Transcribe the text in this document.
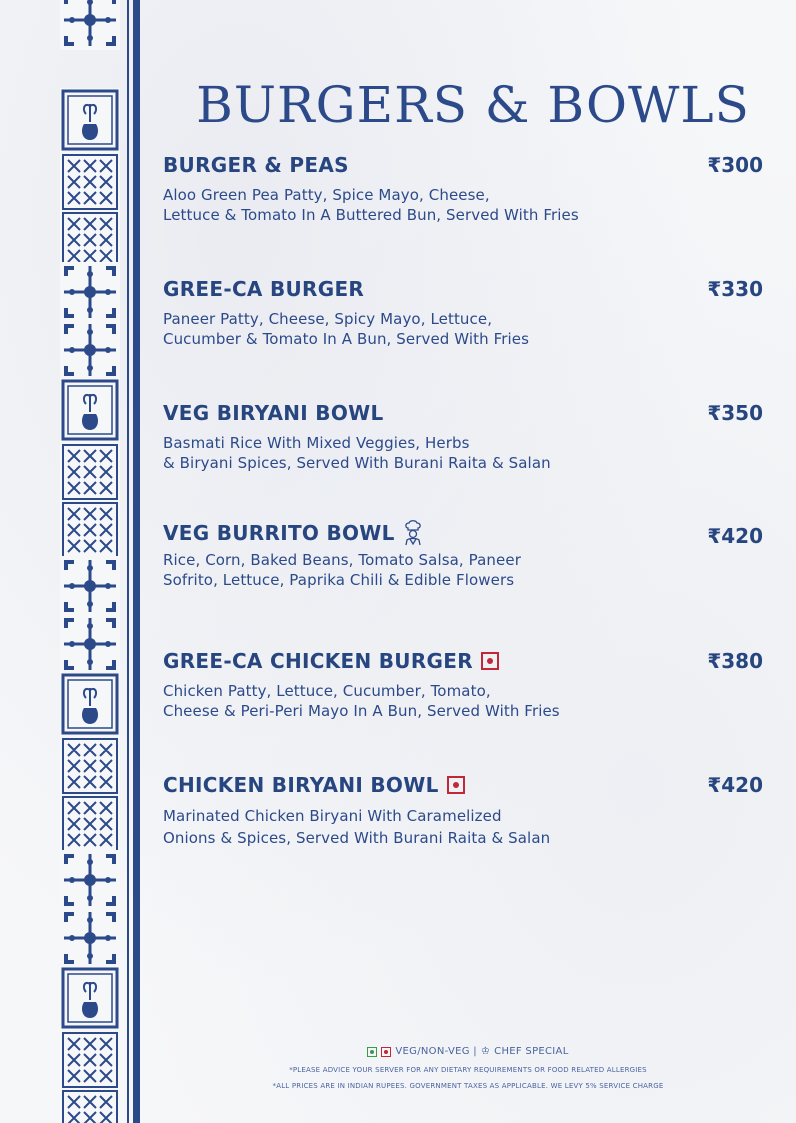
BURGERS & BOWLS
BURGER & PEAS	₹300
Aloo Green Pea Patty, Spice Mayo, Cheese,
Lettuce & Tomato In A Buttered Bun, Served With Fries
GREE-CA BURGER	₹330
Paneer Patty, Cheese, Spicy Mayo, Lettuce,
Cucumber & Tomato In A Bun, Served With Fries
VEG BIRYANI BOWL	₹350
Basmati Rice With Mixed Veggies, Herbs
& Biryani Spices, Served With Burani Raita & Salan
VEG BURRITO BOWL	₹420
Rice, Corn, Baked Beans, Tomato Salsa, Paneer
Sofrito, Lettuce, Paprika Chili & Edible Flowers
GREE-CA CHICKEN BURGER	₹380
Chicken Patty, Lettuce, Cucumber, Tomato,
Cheese & Peri-Peri Mayo In A Bun, Served With Fries
CHICKEN BIRYANI BOWL	₹420
Marinated Chicken Biryani With Caramelized
Onions & Spices, Served With Burani Raita & Salan
VEG/NON-VEG | ♔ CHEF SPECIAL
*PLEASE ADVICE YOUR SERVER FOR ANY DIETARY REQUIREMENTS OR FOOD RELATED ALLERGIES
*ALL PRICES ARE IN INDIAN RUPEES. GOVERNMENT TAXES AS APPLICABLE. WE LEVY 5% SERVICE CHARGE
